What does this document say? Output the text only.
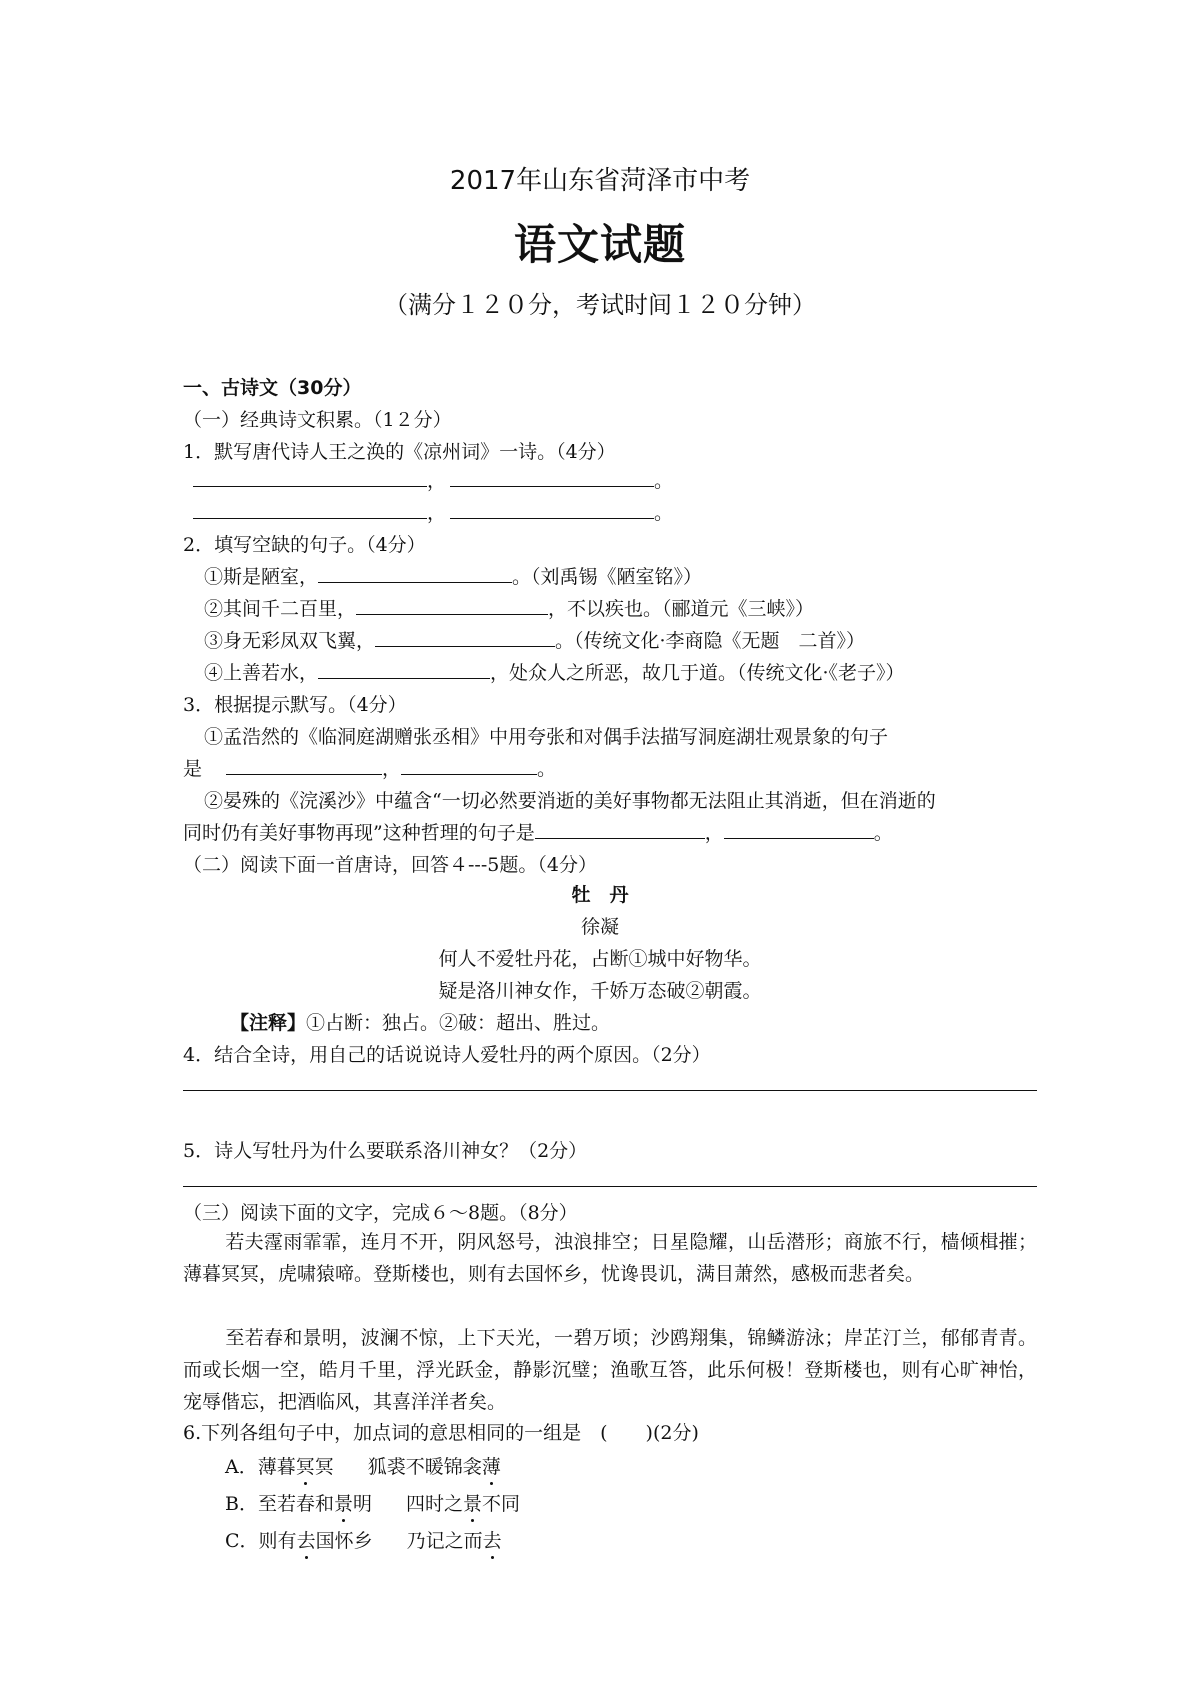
2017年山东省菏泽市中考
语文试题
（满分１２０分，考试时间１２０分钟）
一、古诗文（30分）
（一）经典诗文积累。（1２分）
1．默写唐代诗人王之涣的《凉州词》一诗。（4分）
，	。
，	。
2．填写空缺的句子。（4分）
①斯是陋室，	。（刘禹锡《陋室铭》）
②其间千二百里，	，不以疾也。（郦道元《三峡》）
③身无彩凤双飞翼，	。（传统文化·李商隐《无题　二首》）
④上善若水，	，处众人之所恶，故几于道。（传统文化·《老子》）
3．根据提示默写。（4分）
①孟浩然的《临洞庭湖赠张丞相》中用夸张和对偶手法描写洞庭湖壮观景象的句子
是	，	。
②晏殊的《浣溪沙》中蕴含“一切必然要消逝的美好事物都无法阻止其消逝，但在消逝的
同时仍有美好事物再现”这种哲理的句子是	，	。
（二）阅读下面一首唐诗，回答４---5题。（4分）
牡　丹
徐凝
何人不爱牡丹花，占断①城中好物华。
疑是洛川神女作，千娇万态破②朝霞。
【注释】①占断：独占。②破：超出、胜过。
4．结合全诗，用自己的话说说诗人爱牡丹的两个原因。（2分）
5．诗人写牡丹为什么要联系洛川神女？（2分）
（三）阅读下面的文字，完成６～8题。（8分）
若夫霪雨霏霏，连月不开，阴风怒号，浊浪排空；日星隐耀，山岳潜形；商旅不行，樯倾楫摧；薄暮冥冥，虎啸猿啼。登斯楼也，则有去国怀乡，忧谗畏讥，满目萧然，感极而悲者矣。
至若春和景明，波澜不惊，上下天光，一碧万顷；沙鸥翔集，锦鳞游泳；岸芷汀兰，郁郁青青。而或长烟一空，皓月千里，浮光跃金，静影沉璧；渔歌互答，此乐何极！登斯楼也，则有心旷神怡，宠辱偕忘，把酒临风，其喜洋洋者矣。
6.下列各组句子中，加点词的意思相同的一组是　(　　)(2分)
A．薄暮冥冥 狐裘不暖锦衾薄
B．至若春和景明 四时之景不同
C．则有去国怀乡 乃记之而去
